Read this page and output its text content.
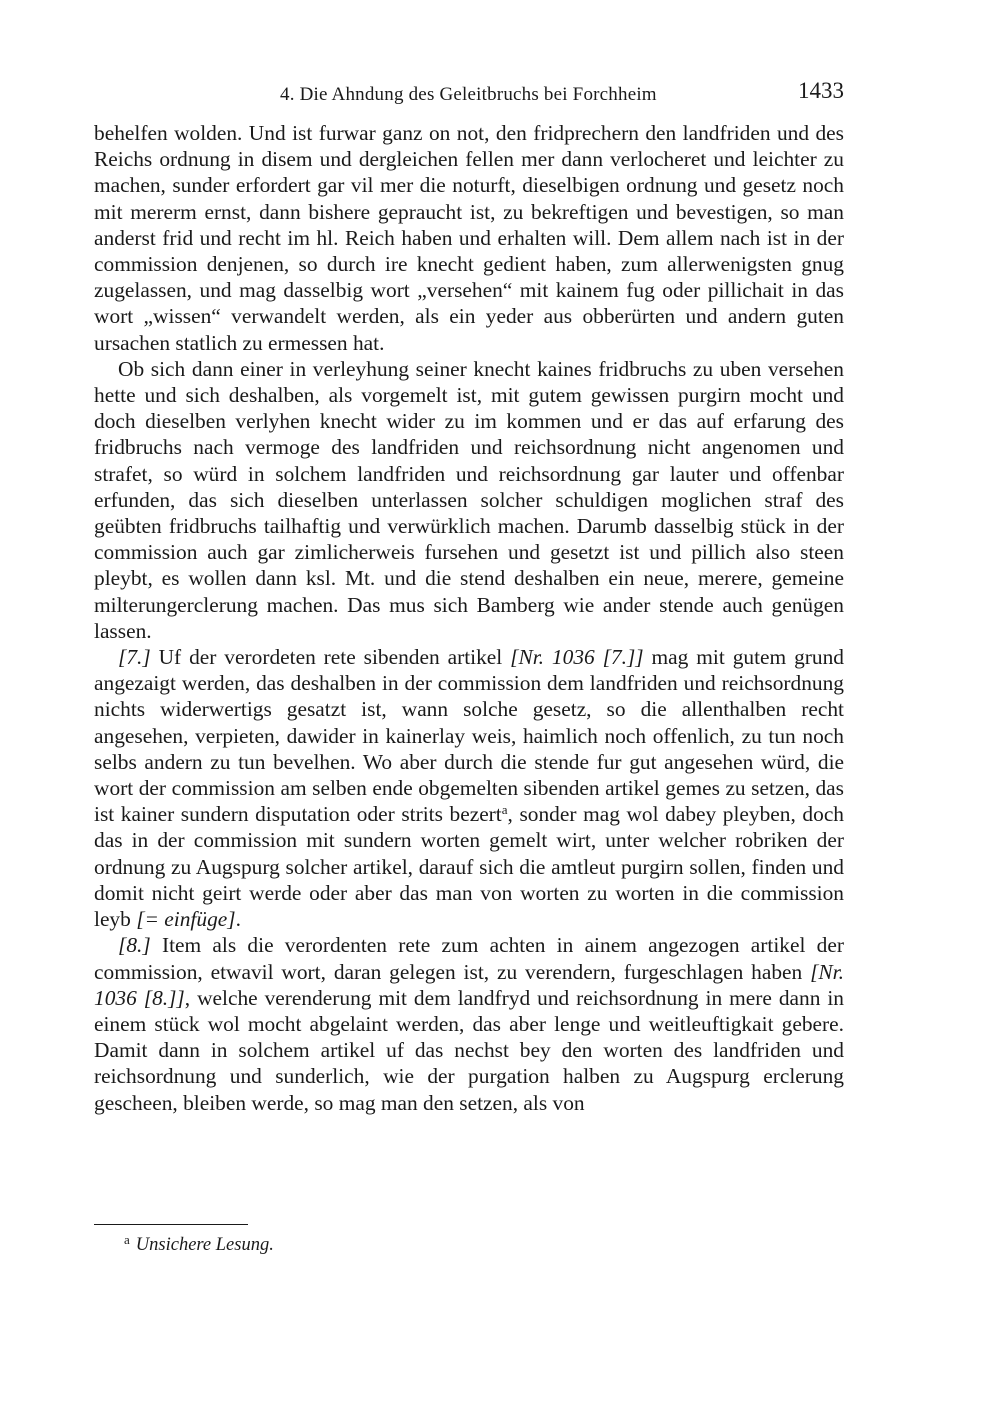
4. Die Ahndung des Geleitbruchs bei Forchheim	1433

behelfen wolden. Und ist furwar ganz on not, den fridprechern den landfriden und des Reichs ordnung in disem und dergleichen fellen mer dann verlocheret und leichter zu machen, sunder erfordert gar vil mer die noturft, dieselbigen ordnung und gesetz noch mit mererm ernst, dann bishere gepraucht ist, zu bekreftigen und bevestigen, so man anderst frid und recht im hl. Reich haben und erhalten will. Dem allem nach ist in der commission denjenen, so durch ire knecht gedient haben, zum allerwenigsten gnug zugelassen, und mag dasselbig wort „versehen“ mit kainem fug oder pillichait in das wort „wissen“ verwandelt werden, als ein yeder aus obberürten und andern guten ursachen statlich zu ermessen hat.

Ob sich dann einer in verleyhung seiner knecht kaines fridbruchs zu uben versehen hette und sich deshalben, als vorgemelt ist, mit gutem gewissen purgirn mocht und doch dieselben verlyhen knecht wider zu im kommen und er das auf erfarung des fridbruchs nach vermoge des landfriden und reichsordnung nicht angenomen und strafet, so würd in solchem landfriden und reichsordnung gar lauter und offenbar erfunden, das sich dieselben unterlassen solcher schuldigen moglichen straf des geübten fridbruchs tailhaftig und verwürklich machen. Darumb dasselbig stück in der commission auch gar zimlicherweis fursehen und gesetzt ist und pillich also steen pleybt, es wollen dann ksl. Mt. und die stend deshalben ein neue, merere, gemeine milterungerclerung machen. Das mus sich Bamberg wie ander stende auch genügen lassen.

[7.] Uf der verordeten rete sibenden artikel [Nr. 1036 [7.]] mag mit gutem grund angezaigt werden, das deshalben in der commission dem landfriden und reichsordnung nichts widerwertigs gesatzt ist, wann solche gesetz, so die allenthalben recht angesehen, verpieten, dawider in kainerlay weis, haimlich noch offenlich, zu tun noch selbs andern zu tun bevelhen. Wo aber durch die stende fur gut angesehen würd, die wort der commission am selben ende obgemelten sibenden artikel gemes zu setzen, das ist kainer sundern disputation oder strits bezert$^a$, sonder mag wol dabey pleyben, doch das in der commission mit sundern worten gemelt wirt, unter welcher robriken der ordnung zu Augspurg solcher artikel, darauf sich die amtleut purgirn sollen, finden und domit nicht geirt werde oder aber das man von worten zu worten in die commission leyb [= einfüge].

[8.] Item als die verordenten rete zum achten in ainem angezogen artikel der commission, etwavil wort, daran gelegen ist, zu verendern, furgeschlagen haben [Nr. 1036 [8.]], welche verenderung mit dem landfryd und reichsordnung in mere dann in einem stück wol mocht abgelaint werden, das aber lenge und weitleuftigkait gebere. Damit dann in solchem artikel uf das nechst bey den worten des landfriden und reichsordnung und sunderlich, wie der purgation halben zu Augspurg erclerung gescheen, bleiben werde, so mag man den setzen, als von

$^a$ Unsichere Lesung.
